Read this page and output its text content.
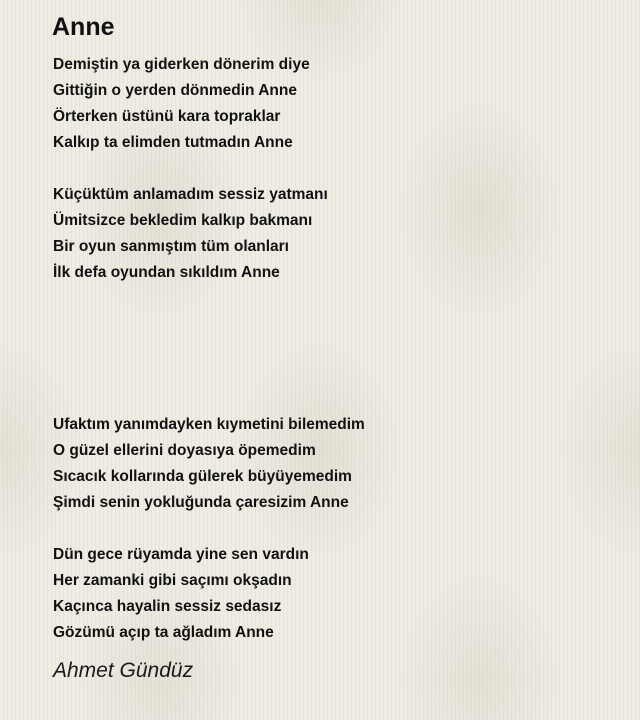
Anne
Demiştin ya giderken dönerim diye
Gittiğin o yerden dönmedin Anne
Örterken üstünü kara topraklar
Kalkıp ta elimden tutmadın Anne
Küçüktüm anlamadım sessiz yatmanı
Ümitsizce bekledim kalkıp bakmanı
Bir oyun sanmıştım tüm olanları
İlk defa oyundan sıkıldım Anne
Ufaktım yanımdayken kıymetini bilemedim
O güzel ellerini doyasıya öpemedim
Sıcacık kollarında gülerek büyüyemedim
Şimdi senin yokluğunda çaresizim Anne
Dün gece rüyamda yine sen vardın
Her zamanki gibi saçımı okşadın
Kaçınca hayalin sessiz sedasız
Gözümü açıp ta ağladım Anne

Ahmet Gündüz
